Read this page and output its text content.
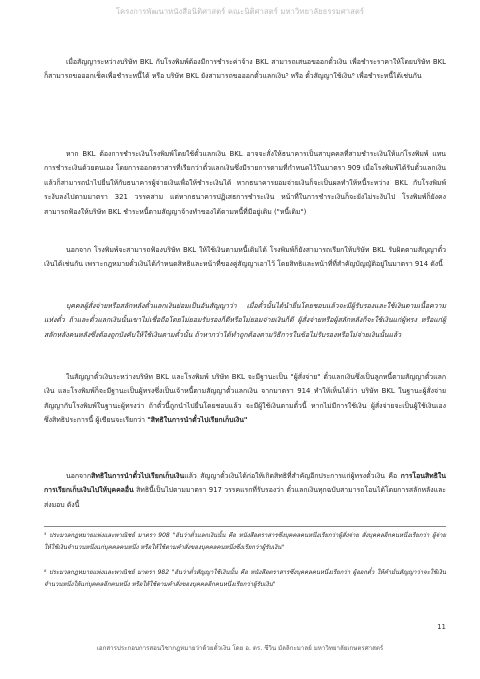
โครงการพัฒนาหนังสือนิติศาสตร์ คณะนิติศาสตร์ มหาวิทยาลัยธรรมศาสตร์

เมื่อสัญญาระหว่างบริษัท BKL กับโรงพิมพ์ต้องมีการชำระค่าจ้าง BKL สามารถเสนอขออกตั๋วเงิน เพื่อชำระราคาให้โดยบริษัท BKL ก็สามารถขอออกเช็คเพื่อชำระหนี้ได้ หรือ บริษัท BKL ยังสามารถขอออกตั๋วแลกเงิน⁵ หรือ ตั๋วสัญญาใช้เงิน⁶ เพื่อชำระหนี้ได้เช่นกัน

หาก BKL ต้องการชำระเงินโรงพิมพ์โดยใช้ตั๋วแลกเงิน BKL อาจจะสั่งให้ธนาคารเป็นสาบุคคลที่สามชำระเงินให้แก่โรงพิมพ์ แทนการชำระเงินด้วยตนเอง โดยการออกตราสารที่เรียกว่าตั๋วแลกเงินซึ่งมีรายการตามที่กำหนดไว้ในมาตรา 909 เมื่อโรงพิมพ์ได้รับตั๋วแลกเงินแล้วก็สามารถนำไปยื่นให้กับธนาคารผู้จ่ายเงินเพื่อให้ชำระเงินได้ หากธนาคารยอมจ่ายเงินก็จะเป็นผลทำให้หนี้ระหว่าง BKL กับโรงพิมพ์ระงับลงไปตามมาตรา 321 วรรคสาม แต่หากธนาคารปฏิเสธการชำระเงิน หน้าที่ในการชำระเงินก็จะยังไม่ระงับไป โรงพิมพ์ก็ยังคงสามารถฟ้องให้บริษัท BKL ชำระหนี้ตามสัญญาจ้างทำของได้ตามหนี้ที่มีอยู่เดิม ("หนี้เดิม")

นอกจาก โรงพิมพ์จะสามารถฟ้องบริษัท BKL ให้ใช้เงินตามหนี้เดิมได้ โรงพิมพ์ก็ยังสามารถเรียกให้บริษัท BKL รับผิดตามสัญญาตั๋วเงินได้เช่นกัน เพราะกฎหมายตั๋วเงินได้กำหนดสิทธิและหน้าที่ของคู่สัญญาเอาไว้ โดยสิทธิและหน้าที่ที่สำคัญบัญญัติอยู่ในมาตรา 914 ดังนี้

บุคคลผู้สั่งจ่ายหรือสลักหลังตั๋วแลกเงินย่อมเป็นอันสัญญาว่า เมื่อตั๋วนั้นได้นำยื่นโดยชอบแล้วจะมีผู้รับรองและใช้เงินตามเนื้อความแห่งตั๋ว ถ้าและตั๋วแลกเงินนั้นเขาไม่เชื่อถือโดยไม่ยอมรับรองก็ดีหรือไม่ยอมจ่ายเงินก็ดี ผู้สั่งจ่ายหรือผู้สลักหลังก็จะใช้เงินแก่ผู้ทรง หรือแก่ผู้สลักหลังคนหลังซึ่งต้องถูกบังคับให้ใช้เงินตามตั๋วนั้น ถ้าหากว่าได้ทำถูกต้องตามวิธีการในข้อไม่รับรองหรือไม่จ่ายเงินนั้นแล้ว

ในสัญญาตั๋วเงินระหว่างบริษัท BKL และโรงพิมพ์ บริษัท BKL จะมีฐานะเป็น "ผู้สั่งจ่าย" ตั๋วแลกเงินซึ่งเป็นลูกหนี้ตามสัญญาตั๋วแลกเงิน และโรงพิมพ์ก็จะมีฐานะเป็นผู้ทรงซึ่งเป็นเจ้าหนี้ตามสัญญาตั๋วแลกเงิน จากมาตรา 914 ทำให้เห็นได้ว่า บริษัท BKL ในฐานะผู้สั่งจ่าย สัญญากับโรงพิมพ์ในฐานะผู้ทรงว่า ถ้าตั๋วนี้ถูกนำไปยื่นโดยชอบแล้ว จะมีผู้ใช้เงินตามตั๋วนี้ หากไม่มีการใช้เงิน ผู้สั่งจ่ายจะเป็นผู้ใช้เงินเอง ซึ่งสิทธิประการนี้ ผู้เขียนจะเรียกว่า "สิทธิในการนำตั๋วไปเรียกเก็บเงิน"

นอกจากสิทธิในการนำตั๋วไปเรียกเก็บเงินแล้ว สัญญาตั๋วเงินได้ก่อให้เกิดสิทธิที่สำคัญอีกประการแก่ผู้ทรงตั๋วเงิน คือ การโอนสิทธิในการเรียกเก็บเงินไปให้บุคคลอื่น สิทธินี้เป็นไปตามมาตรา 917 วรรคแรกที่รับรองว่า ตั๋วแลกเงินทุกฉบับสามารถโอนได้โดยการสลักหลังและส่งมอบ ดังนี้

⁵ ประมวลกฎหมายแพ่งและพาณิชย์ มาตรา 908 "อันว่าตั๋วแลกเงินนั้น คือ หนังสือตราสารซึ่งบุคคลคนหนึ่งเรียกว่าผู้สั่งจ่าย สั่งบุคคลอีกคนหนึ่งเรียกว่า ผู้จ่าย ให้ใช้เงินจำนวนหนึ่งแก่บุคคลคนหนึ่ง หรือให้ใช้ตามคำสั่งของบุคคลคนหนึ่งซึ่งเรียกว่าผู้รับเงิน"

⁶ ประมวลกฎหมายแพ่งและพาณิชย์ มาตรา 982 "อันว่าตั๋วสัญญาใช้เงินนั้น คือ หนังสือตราสารซึ่งบุคคลคนหนึ่งเรียกว่า ผู้ออกตั๋ว ให้คำมั่นสัญญาว่าจะใช้เงินจำนวนหนึ่งให้แก่บุคคลอีกคนหนึ่ง หรือให้ใช้ตามคำสั่งของบุคคลอีกคนหนึ่งเรียกว่าผู้รับเงิน"

11
เอกสารประกอบการสอนวิชากฎหมายว่าด้วยตั๋วเงิน โดย อ. ดร. ชีวิน มัลลิกะมาลย์ มหาวิทยาลัยเกษตรศาสตร์
